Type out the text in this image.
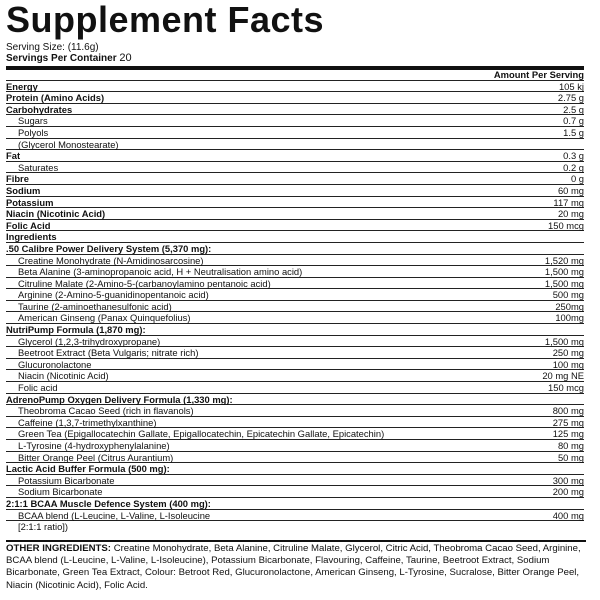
Supplement Facts
Serving Size: (11.6g)
Servings Per Container 20
Amount Per Serving
Energy	105 kj
Protein (Amino Acids)	2.75 g
Carbohydrates	2.5 g
Sugars	0.7 g
Polyols	1.5 g
(Glycerol Monostearate)
Fat	0.3 g
Saturates	0.2 g
Fibre	0 g
Sodium	60 mg
Potassium	117 mg
Niacin (Nicotinic Acid)	20 mg
Folic Acid	150 mcg
Ingredients
.50 Calibre Power Delivery System (5,370 mg):
Creatine Monohydrate (N-Amidinosarcosine)	1,520 mg
Beta Alanine (3-aminopropanoic acid, H + Neutralisation amino acid)	1,500 mg
Citruline Malate (2-Amino-5-(carbanoylamino pentanoic acid)	1,500 mg
Arginine (2-Amino-5-guanidinopentanoic acid)	500 mg
Taurine (2-aminoethanesulfonic acid)	250mg
American Ginseng (Panax Quinquefolius)	100mg
NutriPump Formula (1,870 mg):
Glycerol (1,2,3-trihydroxypropane)	1,500 mg
Beetroot Extract (Beta Vulgaris; nitrate rich)	250 mg
Glucuronolactone	100 mg
Niacin (Nicotinic Acid)	20 mg NE
Folic acid	150 mcg
AdrenoPump Oxygen Delivery Formula (1,330 mg):
Theobroma Cacao Seed (rich in flavanols)	800 mg
Caffeine (1,3,7-trimethylxanthine)	275 mg
Green Tea (Epigallocatechin Gallate, Epigallocatechin, Epicatechin Gallate, Epicatechin)	125 mg
L-Tyrosine (4-hydroxyphenylalanine)	80 mg
Bitter Orange Peel (Citrus Aurantium)	50 mg
Lactic Acid Buffer Formula (500 mg):
Potassium Bicarbonate	300 mg
Sodium Bicarbonate	200 mg
2:1:1 BCAA Muscle Defence System (400 mg):
BCAA blend (L-Leucine, L-Valine, L-Isoleucine	400 mg
[2:1:1 ratio])
OTHER INGREDIENTS: Creatine Monohydrate, Beta Alanine, Citruline Malate, Glycerol, Citric Acid, Theobroma Cacao Seed, Arginine, BCAA blend (L-Leucine, L-Valine, L-Isoleucine), Potassium Bicarbonate, Flavouring, Caffeine, Taurine, Beetroot Extract, Sodium Bicarbonate, Green Tea Extract, Colour: Betroot Red, Glucuronolactone, American Ginseng, L-Tyrosine, Sucralose, Bitter Orange Peel, Niacin (Nicotinic Acid), Folic Acid.
